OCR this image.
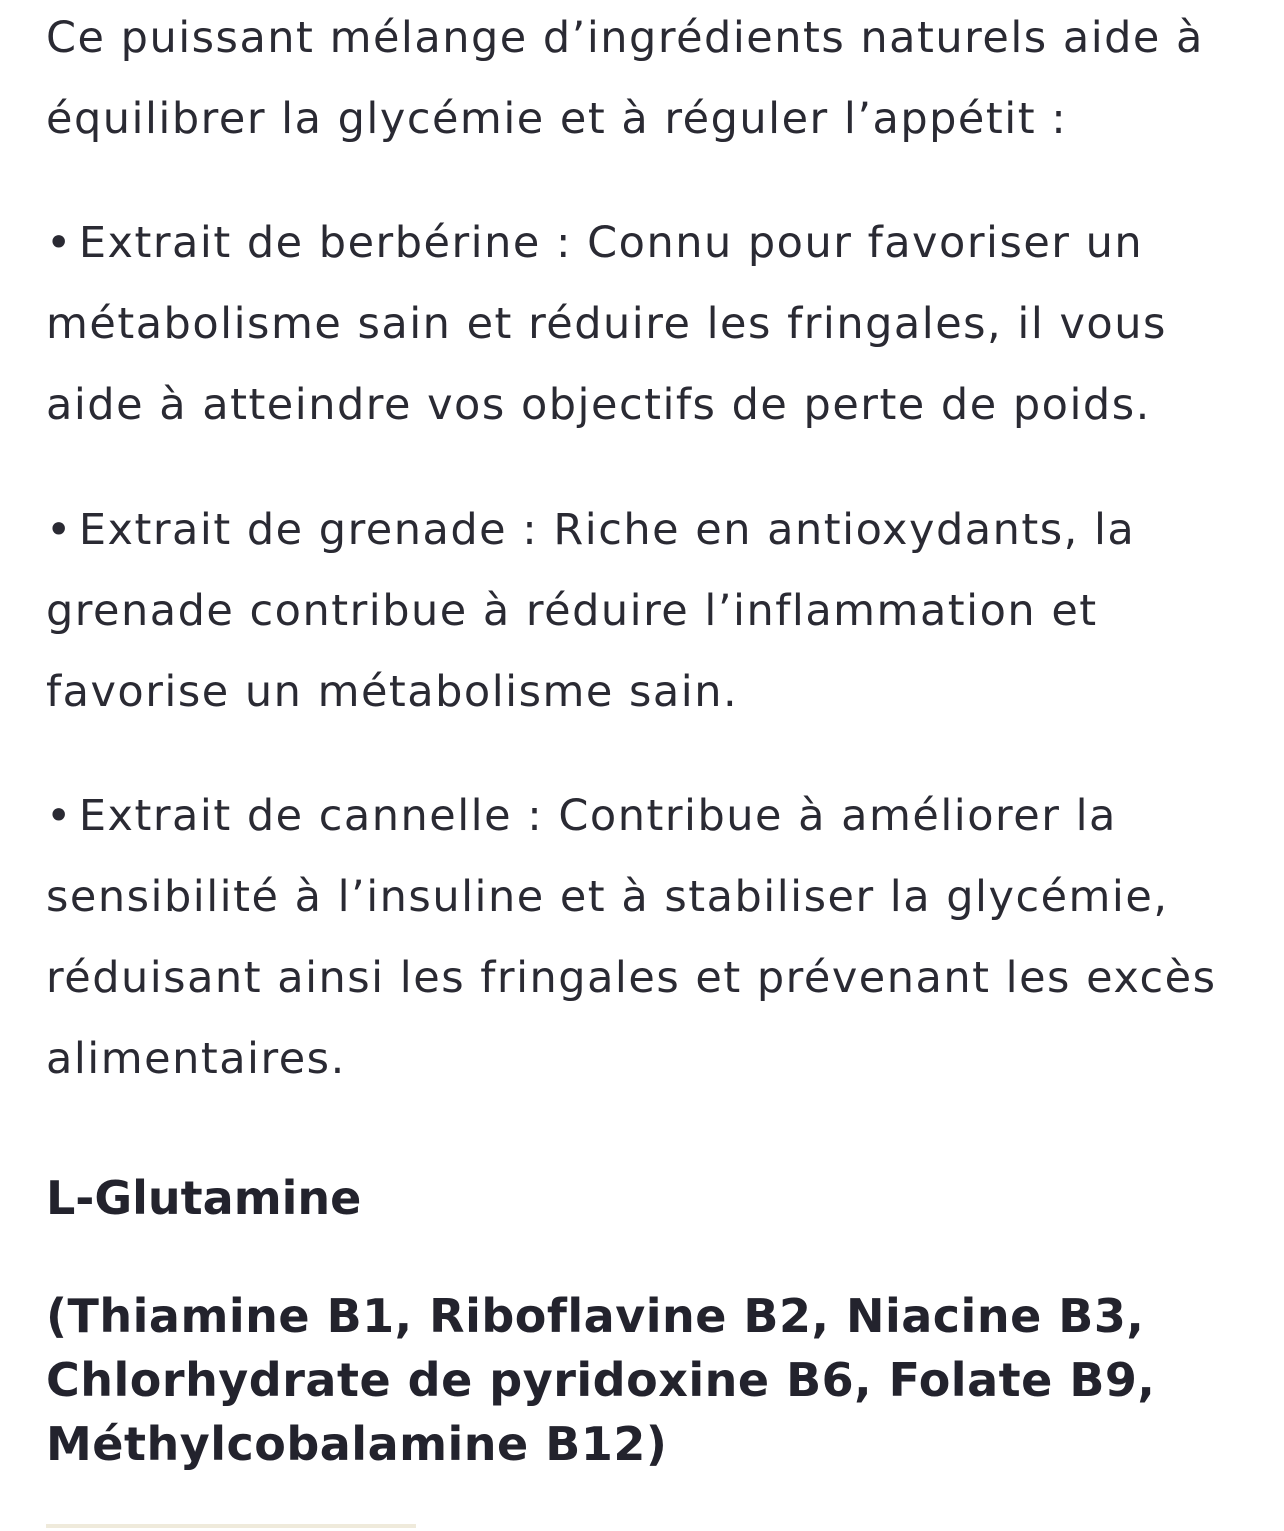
Ce puissant mélange d’ingrédients naturels aide à équilibrer la glycémie et à réguler l’appétit :

• Extrait de berbérine : Connu pour favoriser un métabolisme sain et réduire les fringales, il vous aide à atteindre vos objectifs de perte de poids.

• Extrait de grenade : Riche en antioxydants, la grenade contribue à réduire l’inflammation et favorise un métabolisme sain.

• Extrait de cannelle : Contribue à améliorer la sensibilité à l’insuline et à stabiliser la glycémie, réduisant ainsi les fringales et prévenant les excès alimentaires.

L-Glutamine
(Thiamine B1, Riboflavine B2, Niacine B3, Chlorhydrate de pyridoxine B6, Folate B9, Méthylcobalamine B12)
